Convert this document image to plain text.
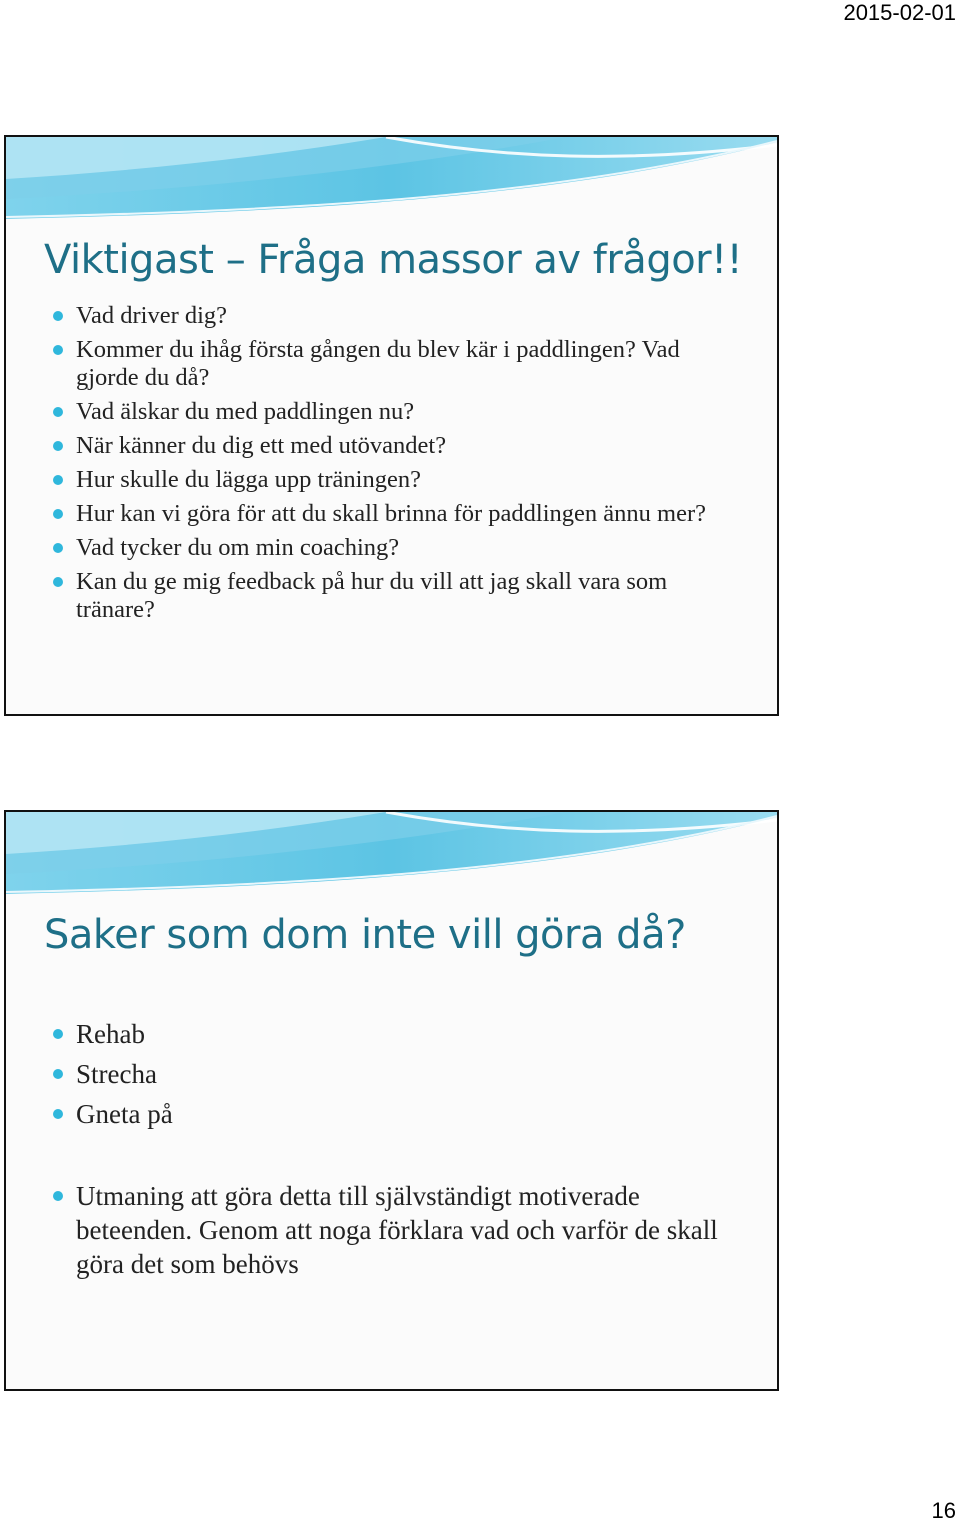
2015-02-01
Viktigast – Fråga massor av frågor!!
Vad driver dig?
Kommer du ihåg första gången du blev kär i paddlingen? Vad gjorde du då?
Vad älskar du med paddlingen nu?
När känner du dig ett med utövandet?
Hur skulle du lägga upp träningen?
Hur kan vi göra för att du skall brinna för paddlingen ännu mer?
Vad tycker du om min coaching?
Kan du ge mig feedback på hur du vill att jag skall vara som tränare?
Saker som dom inte vill göra då?
Rehab
Strecha
Gneta på
Utmaning att göra detta till självständigt motiverade beteenden. Genom att noga förklara vad och varför de skall göra det som behövs
16
